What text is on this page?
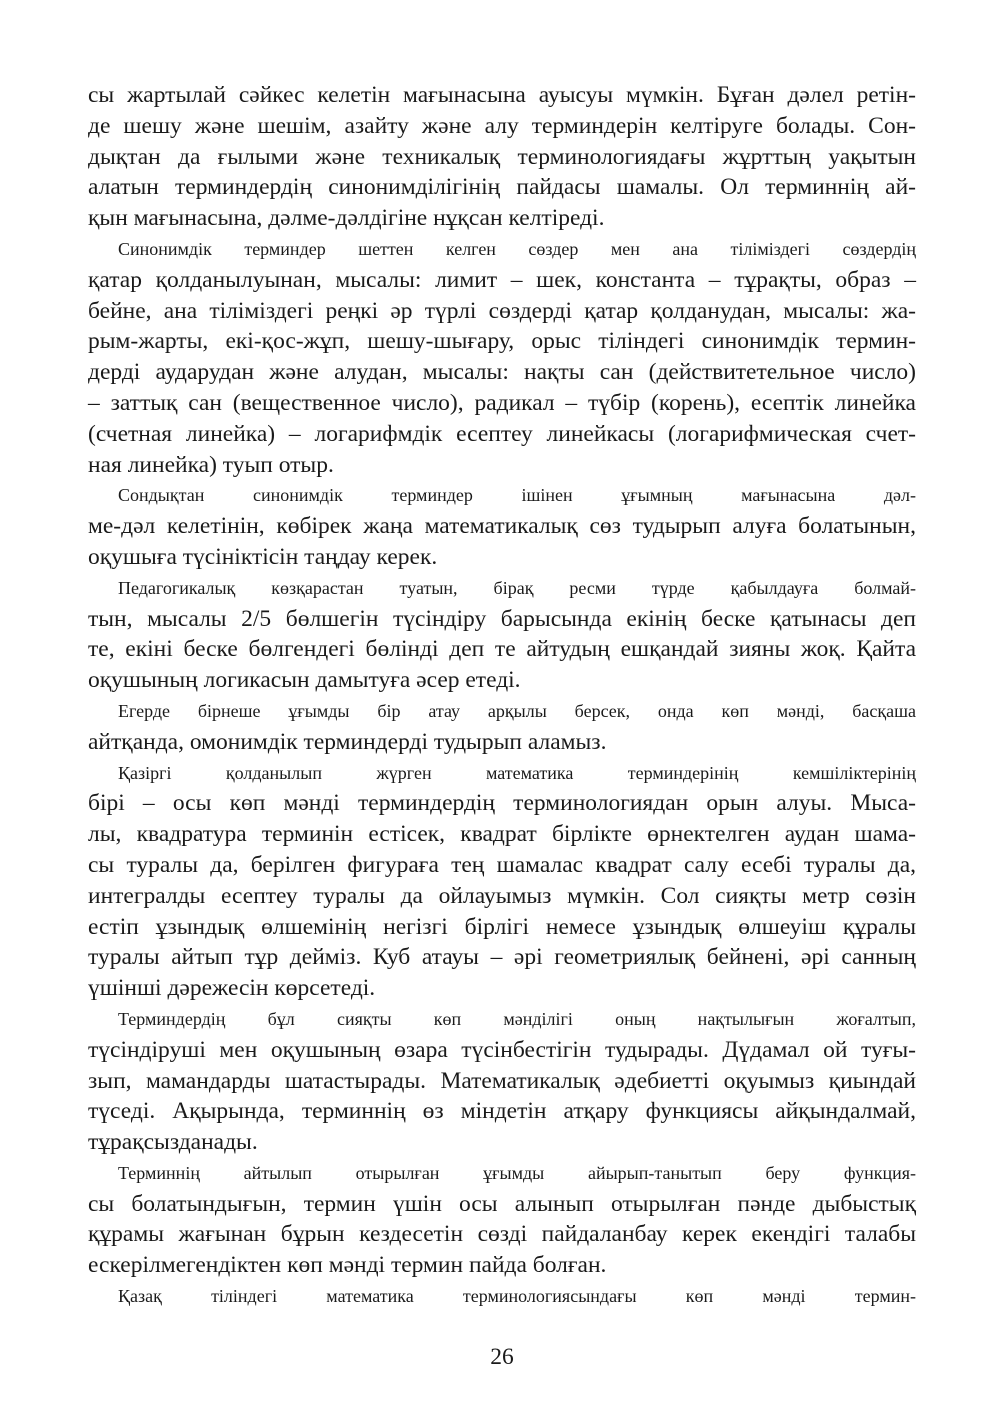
сы жартылай сәйкес келетін мағынасына ауысуы мүмкін. Бұған дәлел ретін-
де шешу және шешім, азайту және алу терминдерін келтіруге болады. Сон-
дықтан да ғылыми және техникалық терминологиядағы жұрттың уақытын
алатын терминдердің синонимділігінің пайдасы шамалы. Ол терминнің ай-
қын мағынасына, дәлме-дәлдігіне нұқсан келтіреді.
Синонимдік терминдер шеттен келген сөздер мен ана тіліміздегі сөздердің
қатар қолданылуынан, мысалы: лимит – шек, константа – тұрақты, образ –
бейне, ана тіліміздегі реңкі әр түрлі сөздерді қатар қолданудан, мысалы: жа-
рым-жарты, екі-қос-жұп, шешу-шығару, орыс тіліндегі синонимдік термин-
дерді аударудан және алудан, мысалы: нақты сан (действитетельное число)
– заттық сан (вещественное число), радикал – түбір (корень), есептік линейка
(счетная линейка) – логарифмдік есептеу линейкасы (логарифмическая счет-
ная линейка) туып отыр.
Сондықтан синонимдік терминдер ішінен ұғымның мағынасына дәл-
ме-дәл келетінін, көбірек жаңа математикалық сөз тудырып алуға болатынын,
оқушыға түсініктісін таңдау керек.
Педагогикалық көзқарастан туатын, бірақ ресми түрде қабылдауға болмай-
тын, мысалы 2/5 бөлшегін түсіндіру барысында екінің беске қатынасы деп
те, екіні беске бөлгендегі бөлінді деп те айтудың ешқандай зияны жоқ. Қайта
оқушының логикасын дамытуға әсер етеді.
Егерде бірнеше ұғымды бір атау арқылы берсек, онда көп мәнді, басқаша
айтқанда, омонимдік терминдерді тудырып аламыз.
Қазіргі қолданылып жүрген математика терминдерінің кемшіліктерінің
бірі – осы көп мәнді терминдердің терминологиядан орын алуы. Мыса-
лы, квадратура терминін естісек, квадрат бірлікте өрнектелген аудан шама-
сы туралы да, берілген фигураға тең шамалас квадрат салу есебі туралы да,
интегралды есептеу туралы да ойлауымыз мүмкін. Сол сияқты метр сөзін
естіп ұзындық өлшемінің негізгі бірлігі немесе ұзындық өлшеуіш құралы
туралы айтып тұр дейміз. Куб атауы – әрі геометриялық бейнені, әрі санның
үшінші дәрежесін көрсетеді.
Терминдердің бұл сияқты көп мәнділігі оның нақтылығын жоғалтып,
түсіндіруші мен оқушының өзара түсінбестігін тудырады. Дүдамал ой туғы-
зып, мамандарды шатастырады. Математикалық әдебиетті оқуымыз қиындай
түседі. Ақырында, терминнің өз міндетін атқару функциясы айқындалмай,
тұрақсызданады.
Терминнің айтылып отырылған ұғымды айырып-танытып беру функция-
сы болатындығын, термин үшін осы алынып отырылған пәнде дыбыстық
құрамы жағынан бұрын кездесетін сөзді пайдаланбау керек екендігі талабы
ескерілмегендіктен көп мәнді термин пайда болған.
Қазақ тіліндегі математика терминологиясындағы көп мәнді термин-
26
